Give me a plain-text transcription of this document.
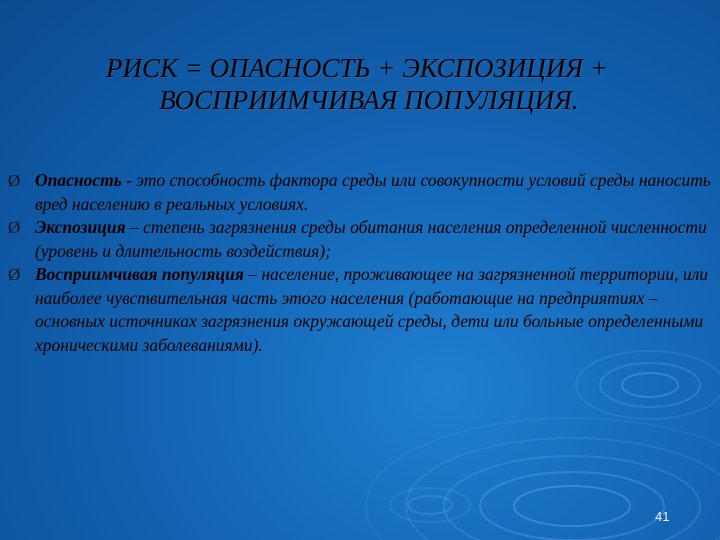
РИСК = ОПАСНОСТЬ + ЭКСПОЗИЦИЯ +
ВОСПРИИМЧИВАЯ ПОПУЛЯЦИЯ.
Ø Опасность - это способность фактора среды или совокупности условий среды наносить вред населению в реальных условиях.
Ø Экспозиция – степень загрязнения среды обитания населения определенной численности (уровень и длительность воздействия);
Ø Восприимчивая популяция – население, проживающее на загрязненной территории, или наиболее чувствительная часть этого населения (работающие на предприятиях – основных источниках загрязнения окружающей среды, дети или больные определенными хроническими заболеваниями).
41
